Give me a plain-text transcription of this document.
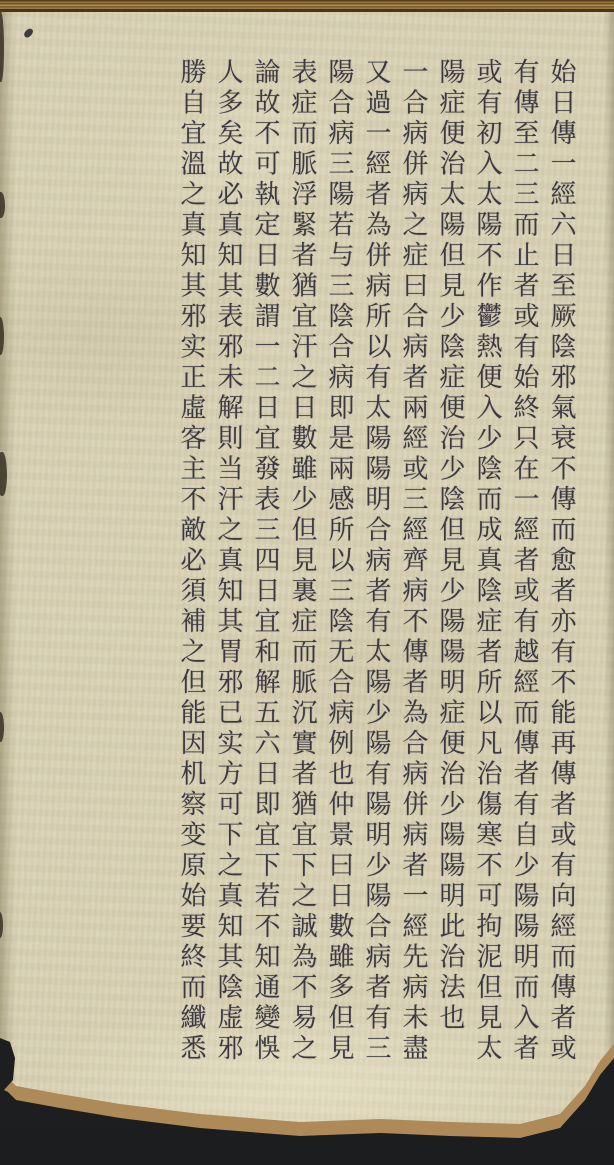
始日傳一經六日至厥陰邪氣衰不傳而愈者亦有不能再傳者或有向經而傳者或
有傳至二三而止者或有始終只在一經者或有越經而傳者有自少陽陽明而入者
或有初入太陽不作鬱熱便入少陰而成真陰症者所以凡治傷寒不可拘泥但見太
陽症便治太陽但見少陰症便治少陰但見少陽陽明症便治少陽陽明此治法也
一合病併病之症曰合病者兩經或三經齊病不傳者為合病併病者一經先病未盡
又過一經者為併病所以有太陽陽明合病者有太陽少陽有陽明少陽合病者有三
陽合病三陽若与三陰合病即是兩感所以三陰无合病例也仲景曰日數雖多但見
表症而脈浮緊者猶宜汗之日數雖少但見裏症而脈沉實者猶宜下之誠為不易之
論故不可執定日數謂一二日宜發表三四日宜和解五六日即宜下若不知通變悞
人多矣故必真知其表邪未解則当汗之真知其胃邪已实方可下之真知其陰虚邪
勝自宜溫之真知其邪实正虛客主不敵必須補之但能因机察变原始要終而纖悉
